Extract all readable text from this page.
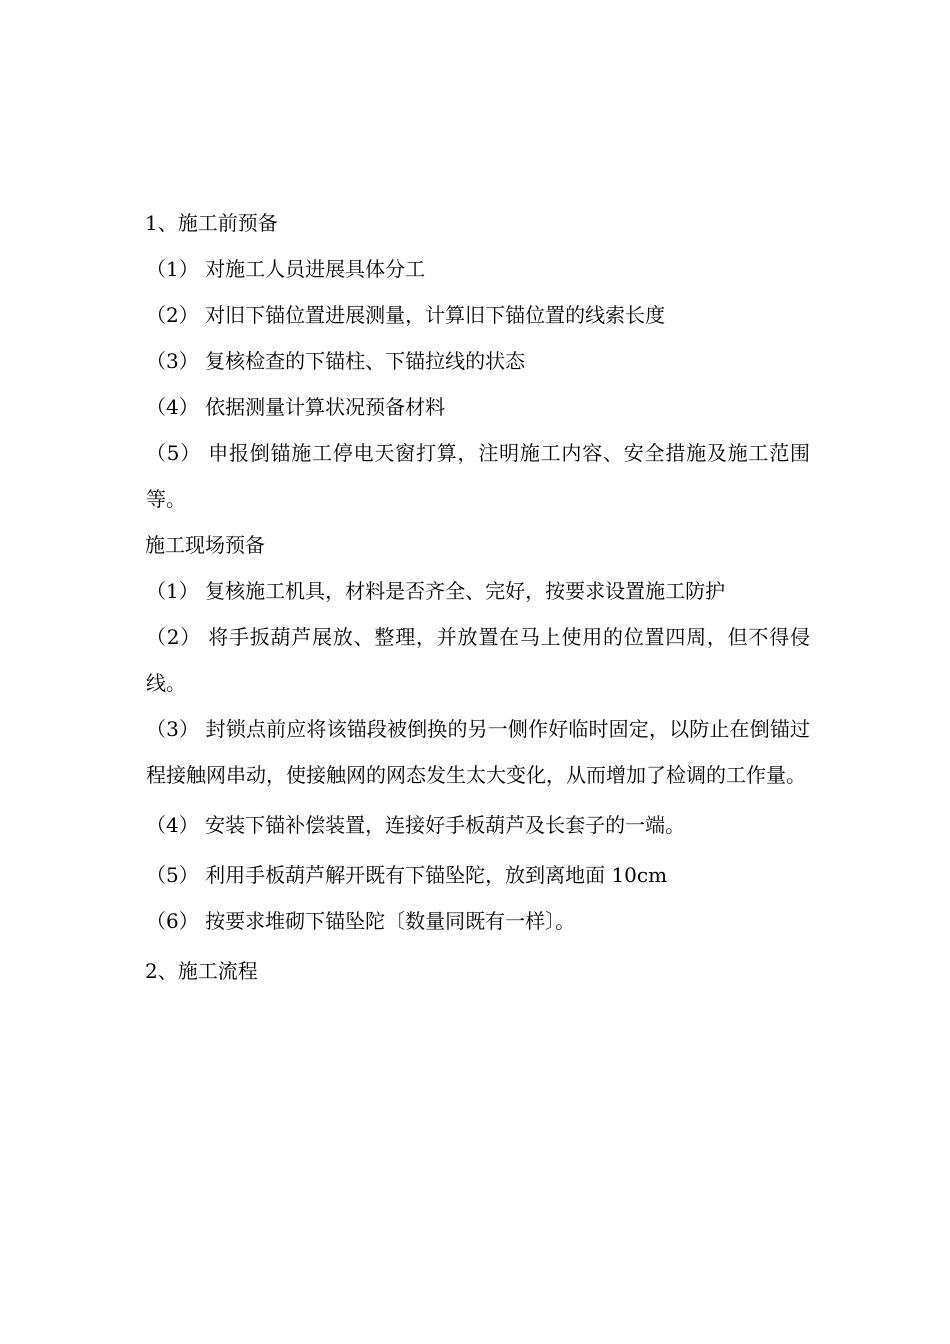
1、施工前预备

（1） 对施工人员进展具体分工

（2） 对旧下锚位置进展测量，计算旧下锚位置的线索长度

（3） 复核检查的下锚柱、下锚拉线的状态

（4） 依据测量计算状况预备材料

（5） 申报倒锚施工停电天窗打算，注明施工内容、安全措施及施工范围等。

施工现场预备

（1） 复核施工机具，材料是否齐全、完好，按要求设置施工防护

（2） 将手扳葫芦展放、整理，并放置在马上使用的位置四周，但不得侵线。

（3） 封锁点前应将该锚段被倒换的另一侧作好临时固定，以防止在倒锚过程接触网串动，使接触网的网态发生太大变化，从而增加了检调的工作量。

（4） 安装下锚补偿装置，连接好手板葫芦及长套子的一端。

（5） 利用手板葫芦解开既有下锚坠陀，放到离地面 10cm

（6） 按要求堆砌下锚坠陀〔数量同既有一样〕。

2、施工流程
